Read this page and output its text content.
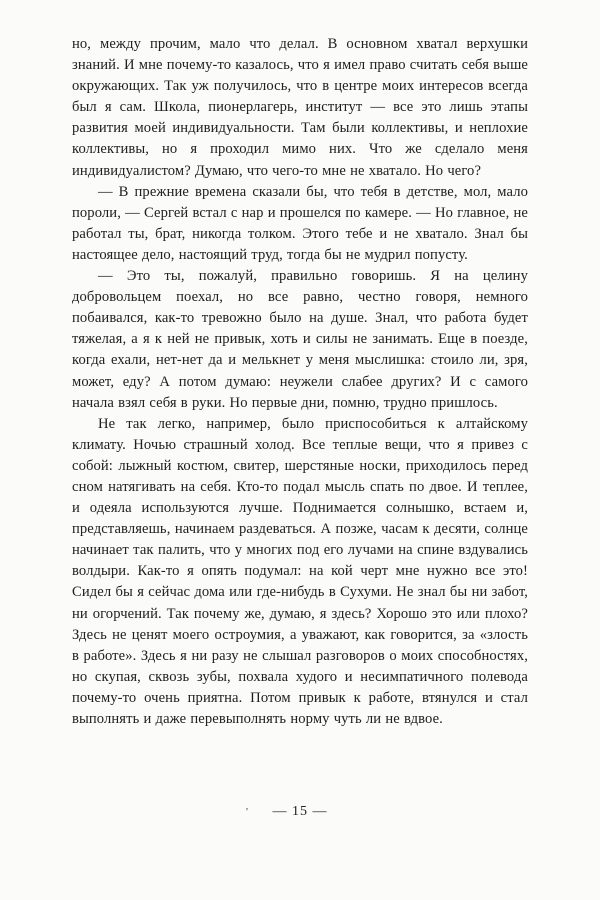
но, между прочим, мало что делал. В основном хватал верхушки знаний. И мне почему-то казалось, что я имел право считать себя выше окружающих. Так уж получилось, что в центре моих интересов всегда был я сам. Школа, пионерлагерь, институт — все это лишь этапы развития моей индивидуальности. Там были коллективы, и неплохие коллективы, но я проходил мимо них. Что же сделало меня индивидуалистом? Думаю, что чего-то мне не хватало. Но чего?

— В прежние времена сказали бы, что тебя в детстве, мол, мало пороли, — Сергей встал с нар и прошелся по камере. — Но главное, не работал ты, брат, никогда толком. Этого тебе и не хватало. Знал бы настоящее дело, настоящий труд, тогда бы не мудрил попусту.

— Это ты, пожалуй, правильно говоришь. Я на целину добровольцем поехал, но все равно, честно говоря, немного побаивался, как-то тревожно было на душе. Знал, что работа будет тяжелая, а я к ней не привык, хоть и силы не занимать. Еще в поезде, когда ехали, нет-нет да и мелькнет у меня мыслишка: стоило ли, зря, может, еду? А потом думаю: неужели слабее других? И с самого начала взял себя в руки. Но первые дни, помню, трудно пришлось.

Не так легко, например, было приспособиться к алтайскому климату. Ночью страшный холод. Все теплые вещи, что я привез с собой: лыжный костюм, свитер, шерстяные носки, приходилось перед сном натягивать на себя. Кто-то подал мысль спать по двое. И теплее, и одеяла используются лучше. Поднимается солнышко, встаем и, представляешь, начинаем раздеваться. А позже, часам к десяти, солнце начинает так палить, что у многих под его лучами на спине вздувались волдыри. Как-то я опять подумал: на кой черт мне нужно все это! Сидел бы я сейчас дома или где-нибудь в Сухуми. Не знал бы ни забот, ни огорчений. Так почему же, думаю, я здесь? Хорошо это или плохо? Здесь не ценят моего остроумия, а уважают, как говорится, за «злость в работе». Здесь я ни разу не слышал разговоров о моих способностях, но скупая, сквозь зубы, похвала худого и несимпатичного полевода почему-то очень приятна. Потом привык к работе, втянулся и стал выполнять и даже перевыполнять норму чуть ли не вдвое.

' — 15 —
